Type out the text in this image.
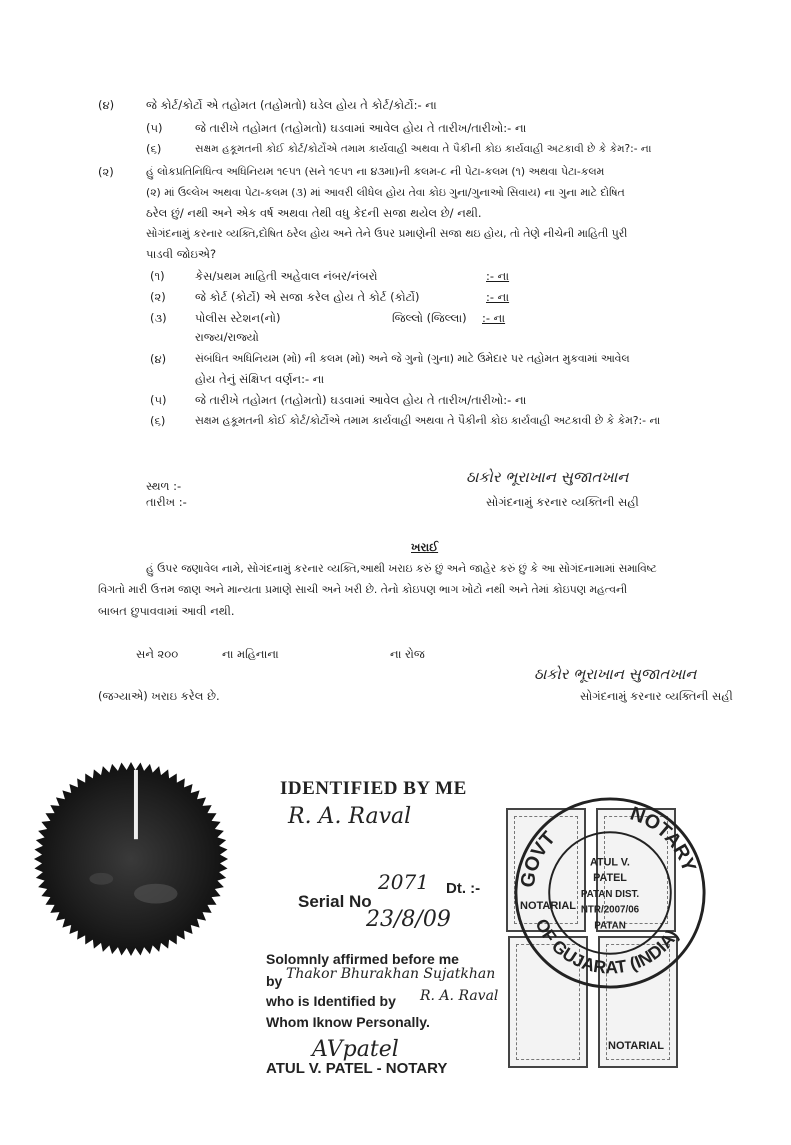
(૪)	જે કોર્ટ/કોર્ટો એ તહોમત (તહોમતો) ઘડેલ હોય તે કોર્ટ/કોર્ટો:- ના
(૫)	જે તારીખે તહોમત (તહોમતો) ઘડવામાં આવેલ હોય તે તારીખ/તારીખો:- ના
(૬)	સક્ષમ હકૂમતની કોઈ કોર્ટ/કોર્ટોએ તમામ કાર્યવાહી અથવા તે પૈકીની કોઇ કાર્યવાહી અટકાવી છે કે કેમ?:- ના
(૨)	હું લોકપ્રતિનિધિત્વ અધિનિયમ ૧૯૫૧ (સને ૧૯૫૧ ના ૪૩મા)ની કલમ-૮ ની પેટા-કલમ (૧) અથવા પેટા-કલમ
(૨) માં ઉલ્લેખ અથવા પેટા-કલમ (૩) માં આવરી લીધેલ હોય તેવા કોઇ ગુના/ગુનાઓ સિવાય) ના ગુના માટે દોષિત
ઠરેલ છું/ નથી અને એક વર્ષ અથવા તેથી વધુ કેદની સજા થયેલ છે/ નથી.
સોગંદનામું કરનાર વ્યક્તિ,દોષિત ઠરેલ હોય અને તેને ઉપર પ્રમાણેની સજા થઇ હોય, તો તેણે નીચેની માહિતી પુરી
પાડવી જોઇએ?
(૧)	કેસ/પ્રથમ માહિતી અહેવાલ નંબર/નંબરો	:- ના
(૨)	જે કોર્ટ (કોર્ટો) એ સજા કરેલ હોય તે કોર્ટ (કોર્ટો)	:- ના
(૩) પોલીસ સ્ટેશન(નો)	જિલ્લો (જિલ્લા) :- ના
રાજ્ય/રાજ્યો
(૪)	સંબંધિત અધિનિયમ (મો) ની કલમ (મો) અને જે ગુનો (ગુના) માટે ઉમેદાર પર તહોમત મુકવામાં આવેલ
હોય તેનું સંક્ષિપ્ત વર્ણન:- ના
(૫) જે તારીખે તહોમત (તહોમતો) ઘડવામાં આવેલ હોય તે તારીખ/તારીખો:- ના
(૬)	સક્ષમ હકૂમતની કોઈ કોર્ટ/કોર્ટોએ તમામ કાર્યવાહી અથવા તે પૈકીની કોઇ કાર્યવાહી અટકાવી છે કે કેમ?:- ના
સ્થળ :-
તારીખ :-
ઠાકોર ભૂરાખાન સુજાતખાન
સોગંદનામું કરનાર વ્યક્તિની સહી
ખરાઈ
હું ઉપર જણાવેલ નામે, સોગંદનામું કરનાર વ્યક્તિ,આથી ખરાઇ કરું છું અને જાહેર કરું છું કે આ સોગંદનામામાં સમાવિષ્ટ
વિગતો મારી ઉત્તમ જાણ અને માન્યતા પ્રમાણે સાચી અને ખરી છે. તેનો કોઇપણ ભાગ ખોટો નથી અને તેમાં કોઇપણ મહત્વની
બાબત છુપાવવામાં આવી નથી.
સને ૨૦૦	ના મહિનાના	ના રોજ
ઠાકોર ભૂરાખાન સુજાતખાન
(જગ્યાએ) ખરાઇ કરેલ છે.	સોગંદનામું કરનાર વ્યક્તિની સહી
IDENTIFIED BY ME
R. A. Raval
Serial No
2071 Dt. :-
23/8/09
Solomnly affirmed before me
by Thakor Bhurakhan Sujatkhan
who is Identified by R. A. Raval
Whom Iknow Personally.
AVpatel
ATUL V. PATEL - NOTARY
NOTARIAL
NOTARIAL
NOTARY
GOVT
OF GUJARAT (INDIA)
ATUL V.
PATEL
PATAN DIST.
NTR/2007/06
PATAN
